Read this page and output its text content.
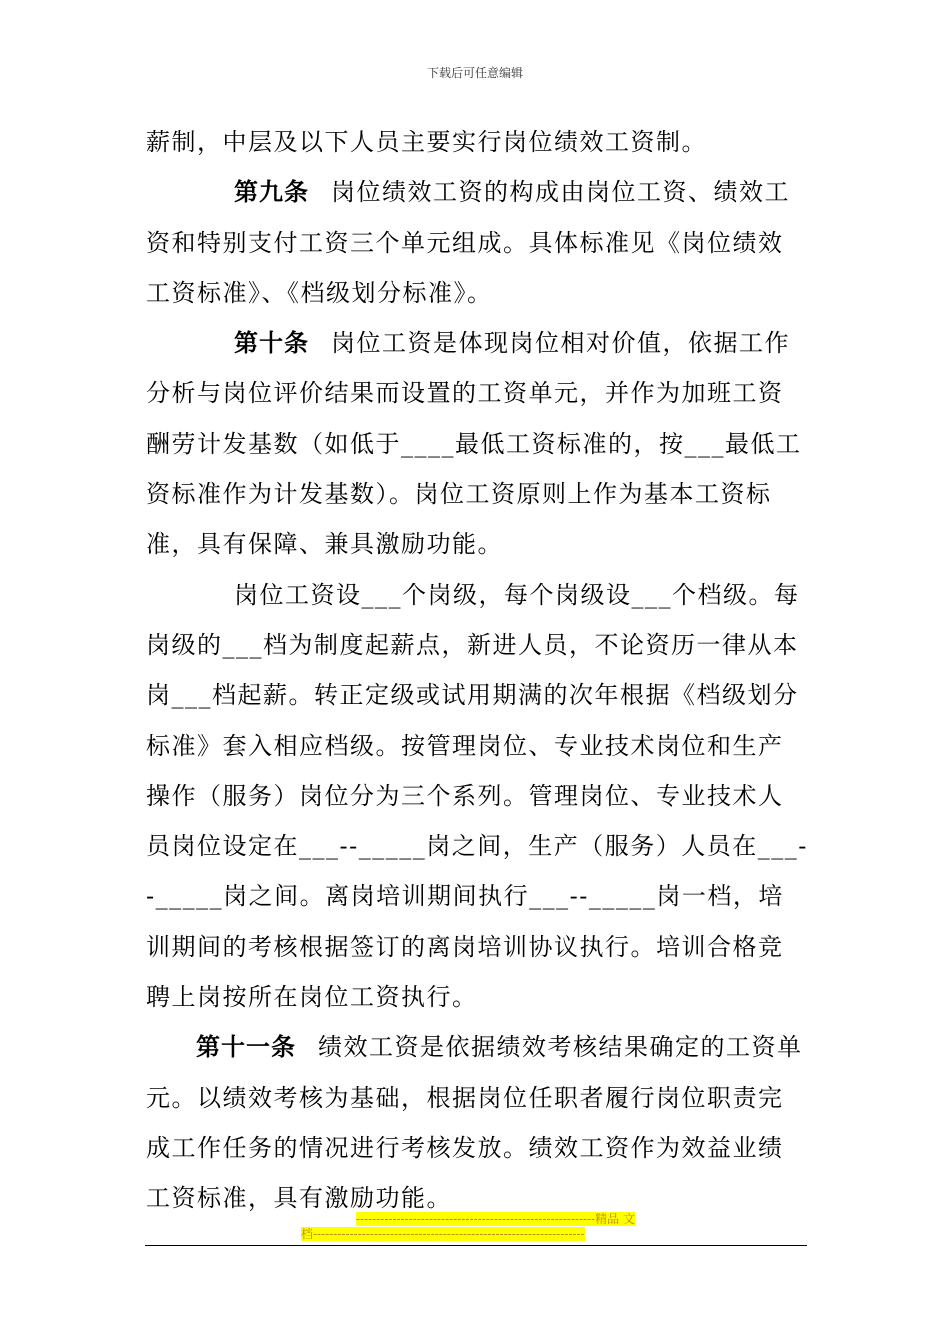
下载后可任意编辑

薪制，中层及以下人员主要实行岗位绩效工资制。

第九条 岗位绩效工资的构成由岗位工资、绩效工资和特别支付工资三个单元组成。具体标准见《岗位绩效工资标准》、《档级划分标准》。

第十条 岗位工资是体现岗位相对价值，依据工作分析与岗位评价结果而设置的工资单元，并作为加班工资酬劳计发基数（如低于____最低工资标准的，按___最低工资标准作为计发基数）。岗位工资原则上作为基本工资标准，具有保障、兼具激励功能。

岗位工资设___个岗级，每个岗级设___个档级。每岗级的___档为制度起薪点，新进人员，不论资历一律从本岗___档起薪。转正定级或试用期满的次年根据《档级划分标准》套入相应档级。按管理岗位、专业技术岗位和生产操作（服务）岗位分为三个系列。管理岗位、专业技术人员岗位设定在___--_____岗之间，生产（服务）人员在___--_____岗之间。离岗培训期间执行___--_____岗一档，培训期间的考核根据签订的离岗培训协议执行。培训合格竞聘上岗按所在岗位工资执行。

第十一条 绩效工资是依据绩效考核结果确定的工资单元。以绩效考核为基础，根据岗位任职者履行岗位职责完成工作任务的情况进行考核发放。绩效工资作为效益业绩工资标准，具有激励功能。

-----------------------------------------------------------精品 文
档-------------------------------------------------------------------
